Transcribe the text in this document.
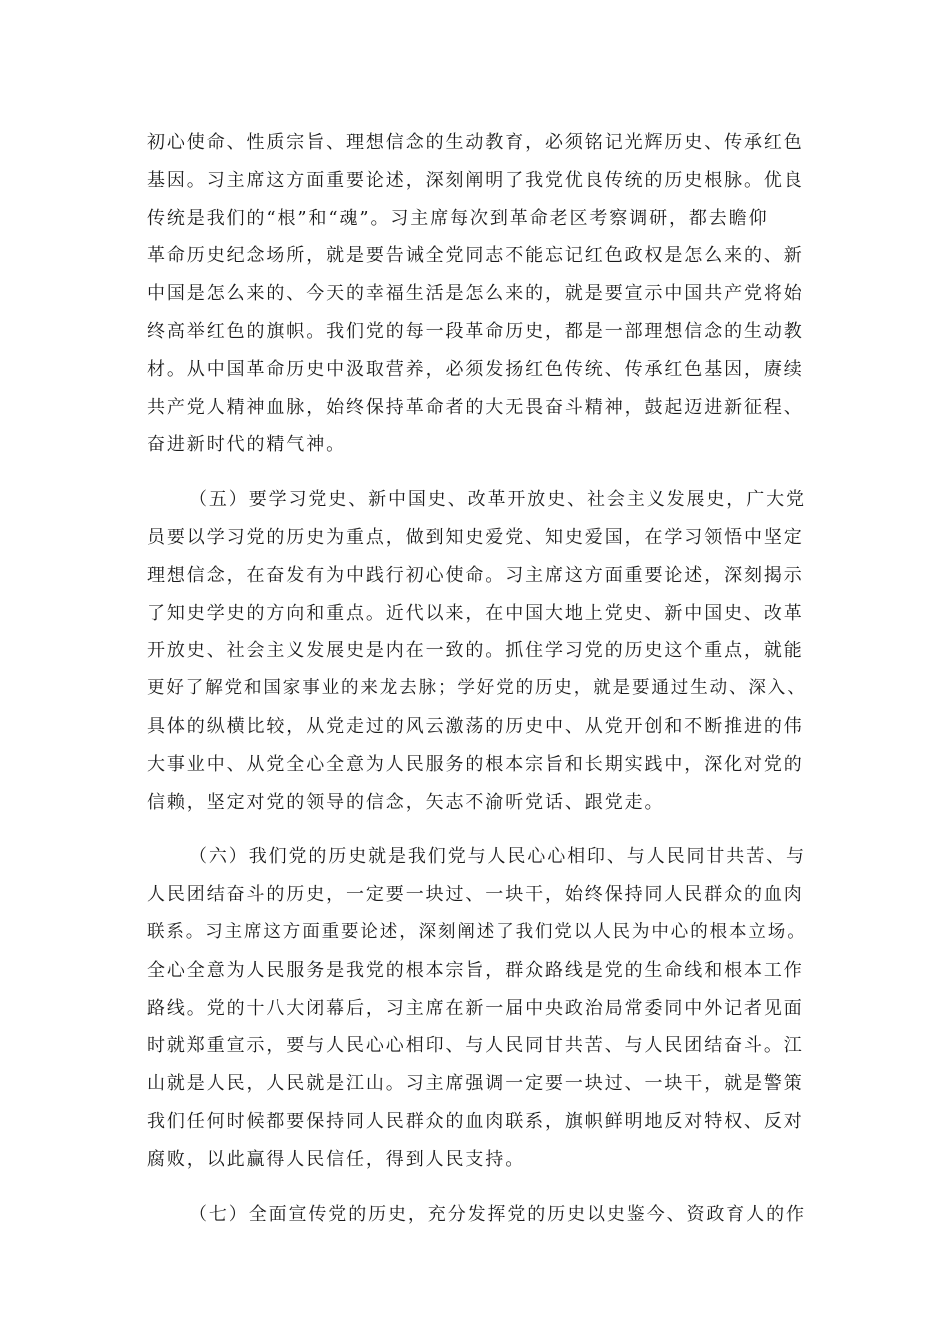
初心使命、性质宗旨、理想信念的生动教育，必须铭记光辉历史、传承红色
基因。习主席这方面重要论述，深刻阐明了我党优良传统的历史根脉。优良
传统是我们的“根”和“魂”。习主席每次到革命老区考察调研，都去瞻仰
革命历史纪念场所，就是要告诫全党同志不能忘记红色政权是怎么来的、新
中国是怎么来的、今天的幸福生活是怎么来的，就是要宣示中国共产党将始
终高举红色的旗帜。我们党的每一段革命历史，都是一部理想信念的生动教
材。从中国革命历史中汲取营养，必须发扬红色传统、传承红色基因，赓续
共产党人精神血脉，始终保持革命者的大无畏奋斗精神，鼓起迈进新征程、
奋进新时代的精气神。
（五）要学习党史、新中国史、改革开放史、社会主义发展史，广大党
员要以学习党的历史为重点，做到知史爱党、知史爱国，在学习领悟中坚定
理想信念，在奋发有为中践行初心使命。习主席这方面重要论述，深刻揭示
了知史学史的方向和重点。近代以来，在中国大地上党史、新中国史、改革
开放史、社会主义发展史是内在一致的。抓住学习党的历史这个重点，就能
更好了解党和国家事业的来龙去脉；学好党的历史，就是要通过生动、深入、
具体的纵横比较，从党走过的风云激荡的历史中、从党开创和不断推进的伟
大事业中、从党全心全意为人民服务的根本宗旨和长期实践中，深化对党的
信赖，坚定对党的领导的信念，矢志不渝听党话、跟党走。
（六）我们党的历史就是我们党与人民心心相印、与人民同甘共苦、与
人民团结奋斗的历史，一定要一块过、一块干，始终保持同人民群众的血肉
联系。习主席这方面重要论述，深刻阐述了我们党以人民为中心的根本立场。
全心全意为人民服务是我党的根本宗旨，群众路线是党的生命线和根本工作
路线。党的十八大闭幕后，习主席在新一届中央政治局常委同中外记者见面
时就郑重宣示，要与人民心心相印、与人民同甘共苦、与人民团结奋斗。江
山就是人民，人民就是江山。习主席强调一定要一块过、一块干，就是警策
我们任何时候都要保持同人民群众的血肉联系，旗帜鲜明地反对特权、反对
腐败，以此赢得人民信任，得到人民支持。
（七）全面宣传党的历史，充分发挥党的历史以史鉴今、资政育人的作
